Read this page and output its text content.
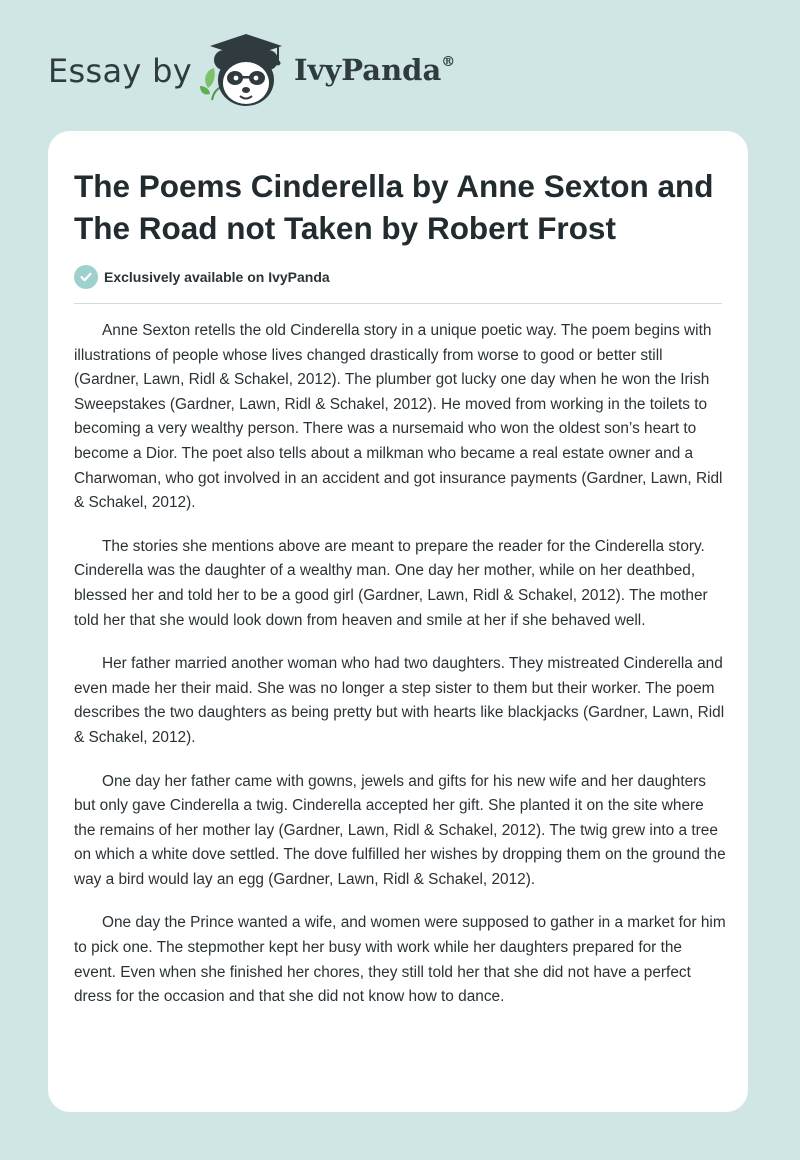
Essay by	IvyPanda®
The Poems Cinderella by Anne Sexton and The Road not Taken by Robert Frost
Exclusively available on IvyPanda

Anne Sexton retells the old Cinderella story in a unique poetic way. The poem begins with illustrations of people whose lives changed drastically from worse to good or better still (Gardner, Lawn, Ridl & Schakel, 2012). The plumber got lucky one day when he won the Irish Sweepstakes (Gardner, Lawn, Ridl & Schakel, 2012). He moved from working in the toilets to becoming a very wealthy person. There was a nursemaid who won the oldest son’s heart to become a Dior. The poet also tells about a milkman who became a real estate owner and a Charwoman, who got involved in an accident and got insurance payments (Gardner, Lawn, Ridl & Schakel, 2012).

The stories she mentions above are meant to prepare the reader for the Cinderella story. Cinderella was the daughter of a wealthy man. One day her mother, while on her deathbed, blessed her and told her to be a good girl (Gardner, Lawn, Ridl & Schakel, 2012). The mother told her that she would look down from heaven and smile at her if she behaved well.

Her father married another woman who had two daughters. They mistreated Cinderella and even made her their maid. She was no longer a step sister to them but their worker. The poem describes the two daughters as being pretty but with hearts like blackjacks (Gardner, Lawn, Ridl & Schakel, 2012).

One day her father came with gowns, jewels and gifts for his new wife and her daughters but only gave Cinderella a twig. Cinderella accepted her gift. She planted it on the site where the remains of her mother lay (Gardner, Lawn, Ridl & Schakel, 2012). The twig grew into a tree on which a white dove settled. The dove fulfilled her wishes by dropping them on the ground the way a bird would lay an egg (Gardner, Lawn, Ridl & Schakel, 2012).

One day the Prince wanted a wife, and women were supposed to gather in a market for him to pick one. The stepmother kept her busy with work while her daughters prepared for the event. Even when she finished her chores, they still told her that she did not have a perfect dress for the occasion and that she did not know how to dance.
